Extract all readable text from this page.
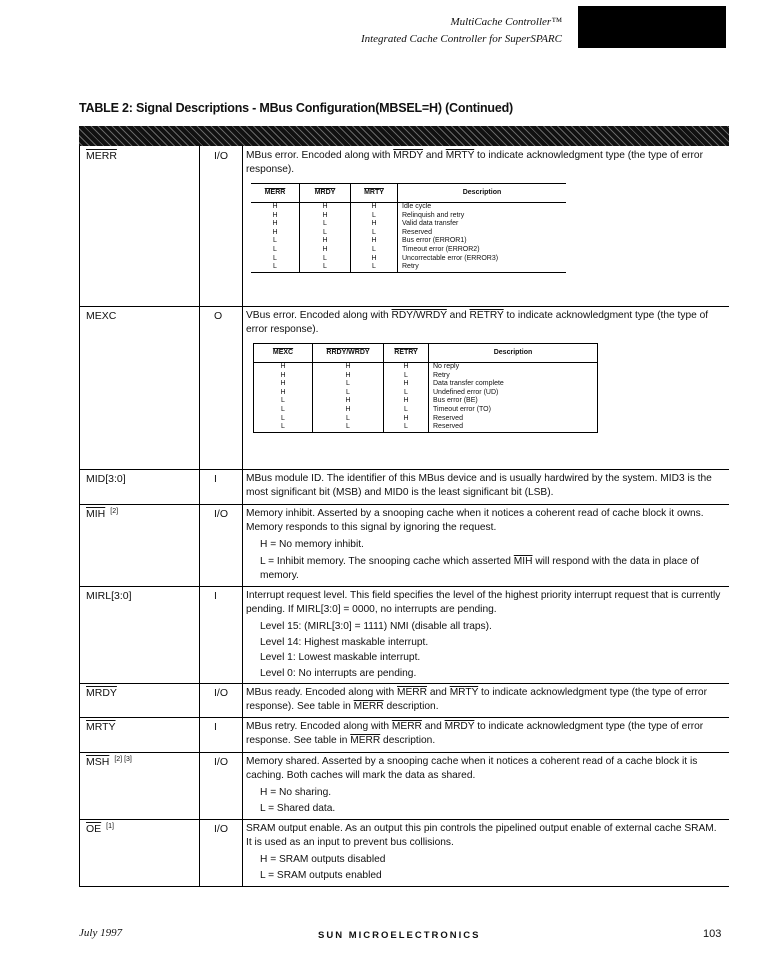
MultiCache Controller™
Integrated Cache Controller for SuperSPARC
TABLE 2: Signal Descriptions - MBus Configuration(MBSEL=H) (Continued)
MERR	I/O MBus error. Encoded along with MRDY and MRTY to indicate acknowledgment type (the type of error response).

MERR	MRDY	MRTY	Description
H	H	H	Idle cycle
H	H	L	Relinquish and retry
H	L	H	Valid data transfer
H	L	L	Reserved
L	H	H	Bus error (ERROR1)
L	H	L	Timeout error (ERROR2)
L	L	H	Uncorrectable error (ERROR3)
L	L	L	Retry
MEXC	O VBus error. Encoded along with RDY/WRDY and RETRY to indicate acknowledgment type (the type of error response).

MEXC	RRDY/WRDY	RETRY	Description
H	H	H	No reply
H	H	L	Retry
H	L	H	Data transfer complete
H	L	L	Undefined error (UD)
L	H	H	Bus error (BE)
L	H	L	Timeout error (TO)
L	L	H	Reserved
L	L	L	Reserved
MID[3:0]	I	MBus module ID. The identifier of this MBus device and is usually hardwired by the system. MID3 is the most significant bit (MSB) and MID0 is the least significant bit (LSB).

$\overline{MIH}$ [2]	I/O Memory inhibit. Asserted by a snooping cache when it notices a coherent read of cache block it owns. Memory responds to this signal by ignoring the request.

H = No memory inhibit.

L = Inhibit memory. The snooping cache which asserted $\overline{MIH}$ will respond with the data in place of memory.

MIRL[3:0]	I	Interrupt request level. This field specifies the level of the highest priority interrupt request that is currently pending. If MIRL[3:0] = 0000, no interrupts are pending.

Level 15: (MIRL[3:0] = 1111) NMI (disable all traps).

Level 14: Highest maskable interrupt.

Level 1: Lowest maskable interrupt.

Level 0: No interrupts are pending.

MRDY	I/O MBus ready. Encoded along with MERR and MRTY to indicate acknowledgment type (the type of error response). See table in MERR description.

MRTY	I	MBus retry. Encoded along with MERR and MRDY to indicate acknowledgment type (the type of error response. See table in MERR description.

$\overline{MSH}$ [2] [3]	I/O Memory shared. Asserted by a snooping cache when it notices a coherent read of a cache block it is caching. Both caches will mark the data as shared.

H = No sharing.

L = Shared data.

$\overline{OE}$ [1]	I/O SRAM output enable. As an output this pin controls the pipelined output enable of external cache SRAM. It is used as an input to prevent bus collisions.

H = SRAM outputs disabled

L = SRAM outputs enabled

July 1997	SUN MICROELECTRONICS	103
